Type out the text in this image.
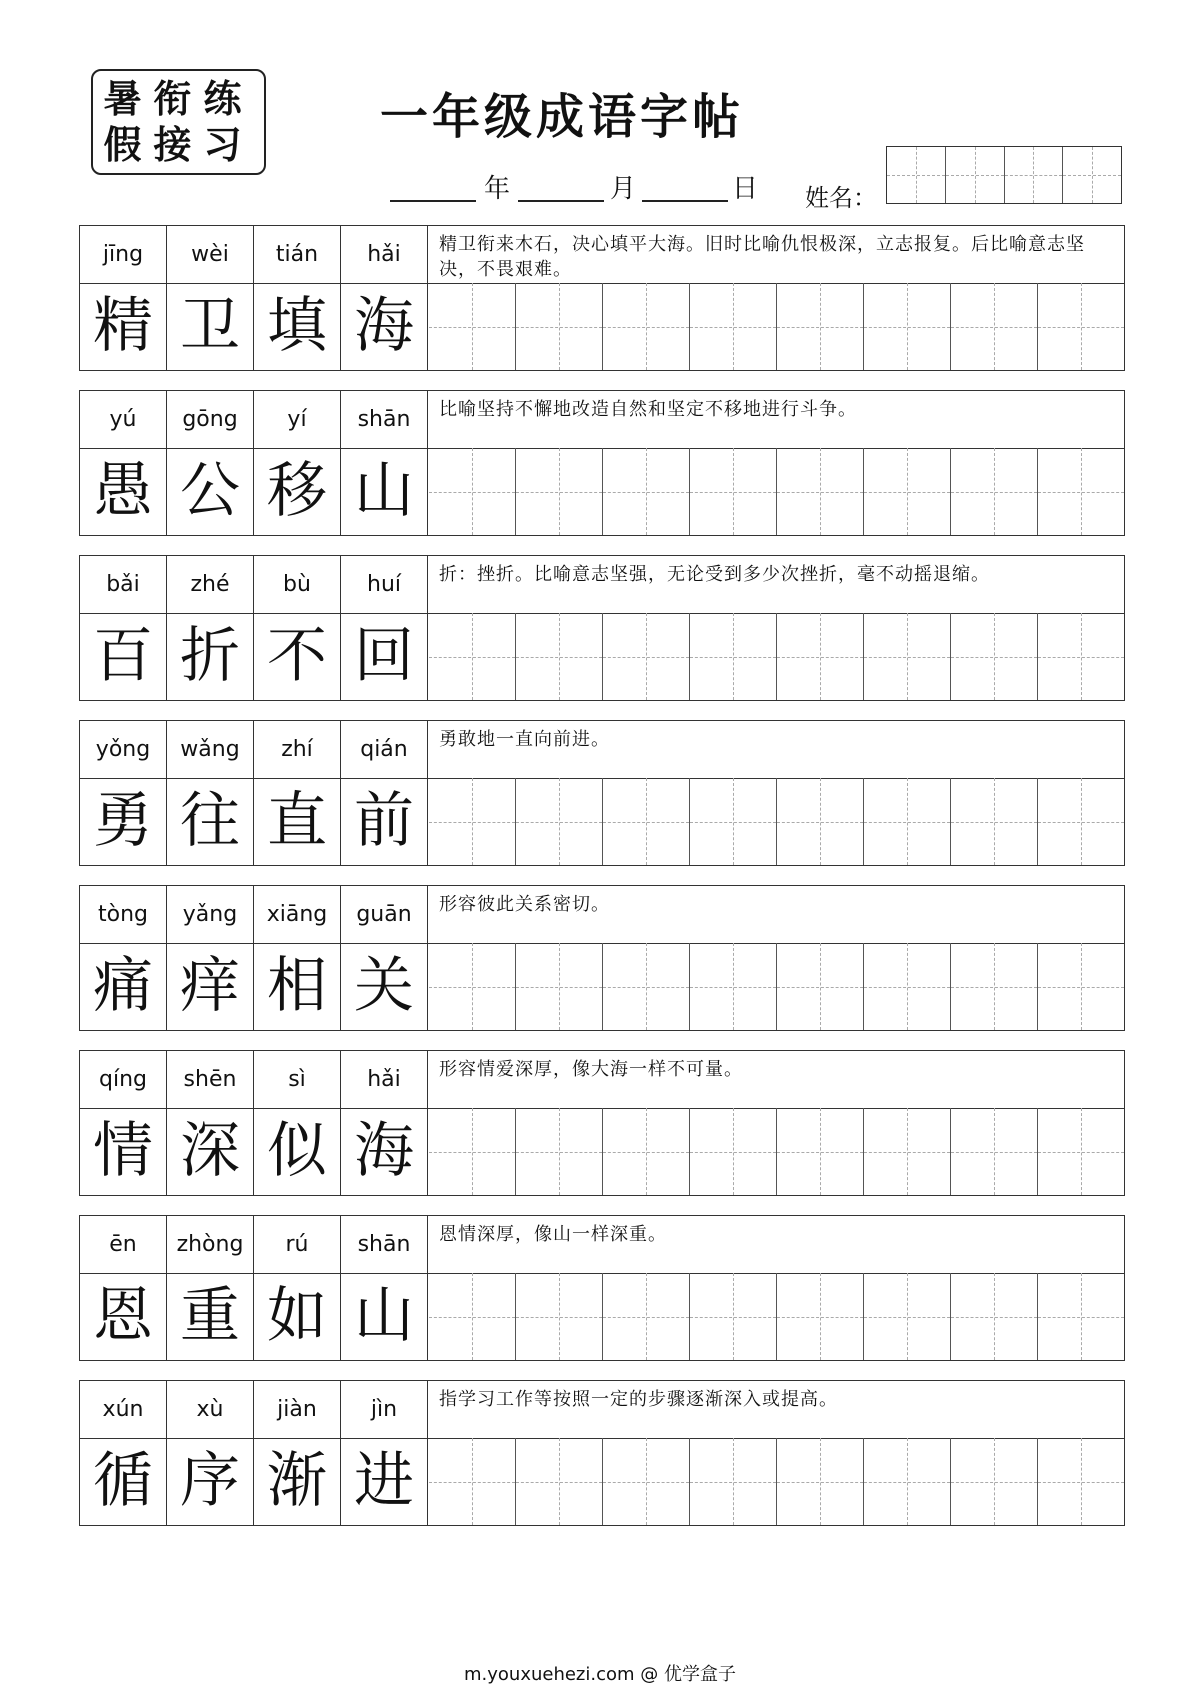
暑衔练
假接习	一年级成语字帖
年	月	日 姓名：
jīng	wèi	tián	hǎi	精卫衔来木石，决心填平大海。旧时比喻仇恨极深，立志报复。后比喻意志坚决，不畏艰难。
精 卫 填 海
yú	gōng	yí	shān	比喻坚持不懈地改造自然和坚定不移地进行斗争。
愚 公 移 山
bǎi	zhé	bù	huí	折：挫折。比喻意志坚强，无论受到多少次挫折，毫不动摇退缩。
百 折 不 回
yǒng	wǎng	zhí	qián	勇敢地一直向前进。
勇 往 直 前
tòng	yǎng	xiāng	guān	形容彼此关系密切。
痛 痒 相 关
qíng	shēn	sì	hǎi	形容情爱深厚，像大海一样不可量。
情 深 似 海
ēn	zhòng	rú	shān	恩情深厚，像山一样深重。
恩 重 如 山
xún	xù	jiàn	jìn	指学习工作等按照一定的步骤逐渐深入或提高。
循 序 渐 进
m.youxuehezi.com @ 优学盒子
